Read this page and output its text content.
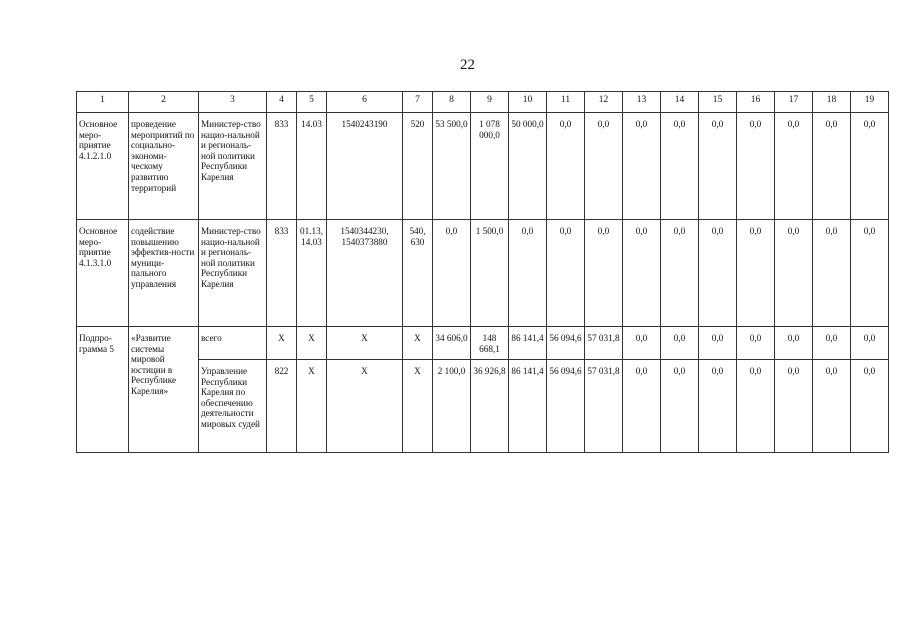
22
1	2	3	4	5	6	7	8	9	10	11	12	13	14	15	16	17	18	19
Основное меро-приятие 4.1.2.1.0	проведение мероприятий по социально-экономи-ческому развитию территорий	Министер-ство нацио-нальной и региональ-ной политики Республики Карелия	833	14.03	1540243190	520	53 500,0	1 078 000,0	50 000,0	0,0	0,0	0,0	0,0	0,0	0,0	0,0	0,0	0,0
Основное меро-приятие 4.1.3.1.0	содействие повышению эффектив-ности муници-пального управления	Министер-ство нацио-нальной и региональ-ной политики Республики Карелия	833	01.13, 14.03	1540344230, 1540373880	540, 630	0,0	1 500,0	0,0	0,0	0,0	0,0	0,0	0,0	0,0	0,0	0,0	0,0
Подпро-грамма 5	«Развитие системы мировой юстиции в Республике Карелия»	всего	Х	Х	Х	Х	34 606,0	148 668,1	86 141,4	56 094,6	57 031,8	0,0	0,0	0,0	0,0	0,0	0,0	0,0
		Управление Республики Карелия по обеспечению деятельности мировых судей	822	Х	Х	Х	2 100,0	36 926,8	86 141,4	56 094,6	57 031,8	0,0	0,0	0,0	0,0	0,0	0,0	0,0
